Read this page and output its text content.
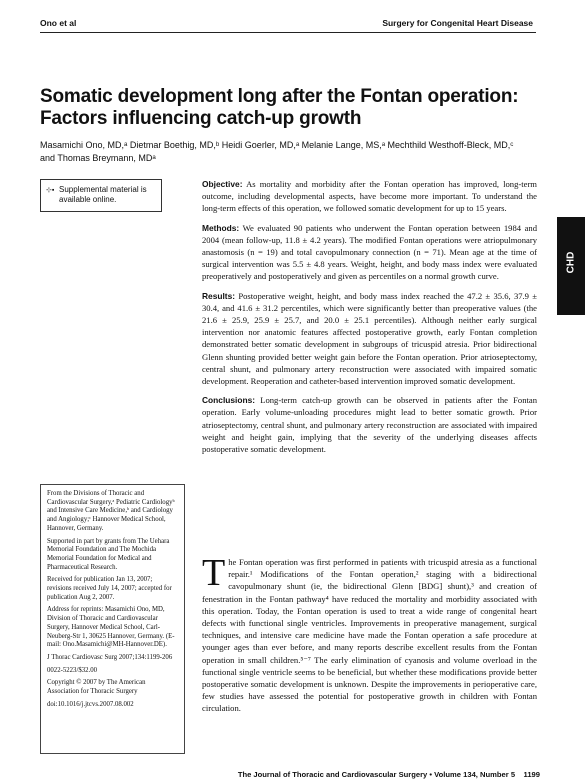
Ono et al	Surgery for Congenital Heart Disease
Somatic development long after the Fontan operation:
Factors influencing catch-up growth
Masamichi Ono, MD,ᵃ Dietmar Boethig, MD,ᵇ Heidi Goerler, MD,ᵃ Melanie Lange, MS,ᵃ Mechthild Westhoff-Bleck, MD,ᶜ
and Thomas Breymann, MDᵃ
⊹▪ Supplemental material is available online.
CHD

Objective: As mortality and morbidity after the Fontan operation has improved, long-term outcome, including developmental aspects, have become more important. To understand the long-term effects of this operation, we followed somatic development for up to 15 years.

Methods: We evaluated 90 patients who underwent the Fontan operation between 1984 and 2004 (mean follow-up, 11.8 ± 4.2 years). The modified Fontan operations were atriopulmonary anastomosis (n = 19) and total cavopulmonary connection (n = 71). Mean age at the time of surgical intervention was 5.5 ± 4.8 years. Weight, height, and body mass index were evaluated preoperatively and postoperatively and given as percentiles on a normal growth curve.

Results: Postoperative weight, height, and body mass index reached the 47.2 ± 35.6, 37.9 ± 30.4, and 41.6 ± 31.2 percentiles, which were significantly better than preoperative values (the 21.6 ± 25.9, 25.9 ± 25.7, and 20.0 ± 25.1 percentiles). Although neither early surgical intervention nor anatomic features affected postoperative growth, early Fontan completion demonstrated better somatic development in subgroups of tricuspid atresia. Prior bidirectional Glenn shunting provided better weight gain before the Fontan operation. Prior atrioseptectomy, central shunt, and pulmonary artery reconstruction were associated with impaired somatic development. Reoperation and catheter-based intervention improved somatic development.

Conclusions: Long-term catch-up growth can be observed in patients after the Fontan operation. Early volume-unloading procedures might lead to better somatic growth. Prior atrioseptectomy, central shunt, and pulmonary artery reconstruction are associated with impaired weight and height gain, implying that the severity of the underlying diseases affects postoperative somatic development.

From the Divisions of Thoracic and Cardiovascular Surgery,ᵃ Pediatric Cardiologyᵇ and Intensive Care Medicine,ᵇ and Cardiology and Angiology;ᶜ Hannover Medical School, Hannover, Germany.

Supported in part by grants from The Uehara Memorial Foundation and The Mochida Memorial Foundation for Medical and Pharmaceutical Research.

Received for publication Jan 13, 2007; revisions received July 14, 2007; accepted for publication Aug 2, 2007.

Address for reprints: Masamichi Ono, MD, Division of Thoracic and Cardiovascular Surgery, Hannover Medical School, Carl-Neuberg-Str 1, 30625 Hannover, Germany. (E-mail: Ono.Masamichi@MH-Hannover.DE).

J Thorac Cardiovasc Surg 2007;134:1199-206

0022-5223/$32.00

Copyright © 2007 by The American Association for Thoracic Surgery

doi:10.1016/j.jtcvs.2007.08.002

The Fontan operation was first performed in patients with tricuspid atresia as a functional repair.¹ Modifications of the Fontan operation,² staging with a bidirectional cavopulmonary shunt (ie, the bidirectional Glenn [BDG] shunt),³ and creation of fenestration in the Fontan pathway⁴ have reduced the mortality and morbidity associated with this operation. Today, the Fontan operation is used to treat a wide range of congenital heart defects with functional single ventricles. Improvements in preoperative management, surgical techniques, and intensive care medicine have made the Fontan operation a safe procedure at younger ages than ever before, and many reports describe excellent results from the Fontan operation in small children.⁵⁻⁷ The early elimination of cyanosis and volume overload in the functional single ventricle seems to be beneficial, but whether these modifications provide better postoperative somatic development is unknown. Despite the improvements in perioperative care, few studies have assessed the potential for postoperative growth in children with Fontan circulation.
The Journal of Thoracic and Cardiovascular Surgery • Volume 134, Number 5 1199
